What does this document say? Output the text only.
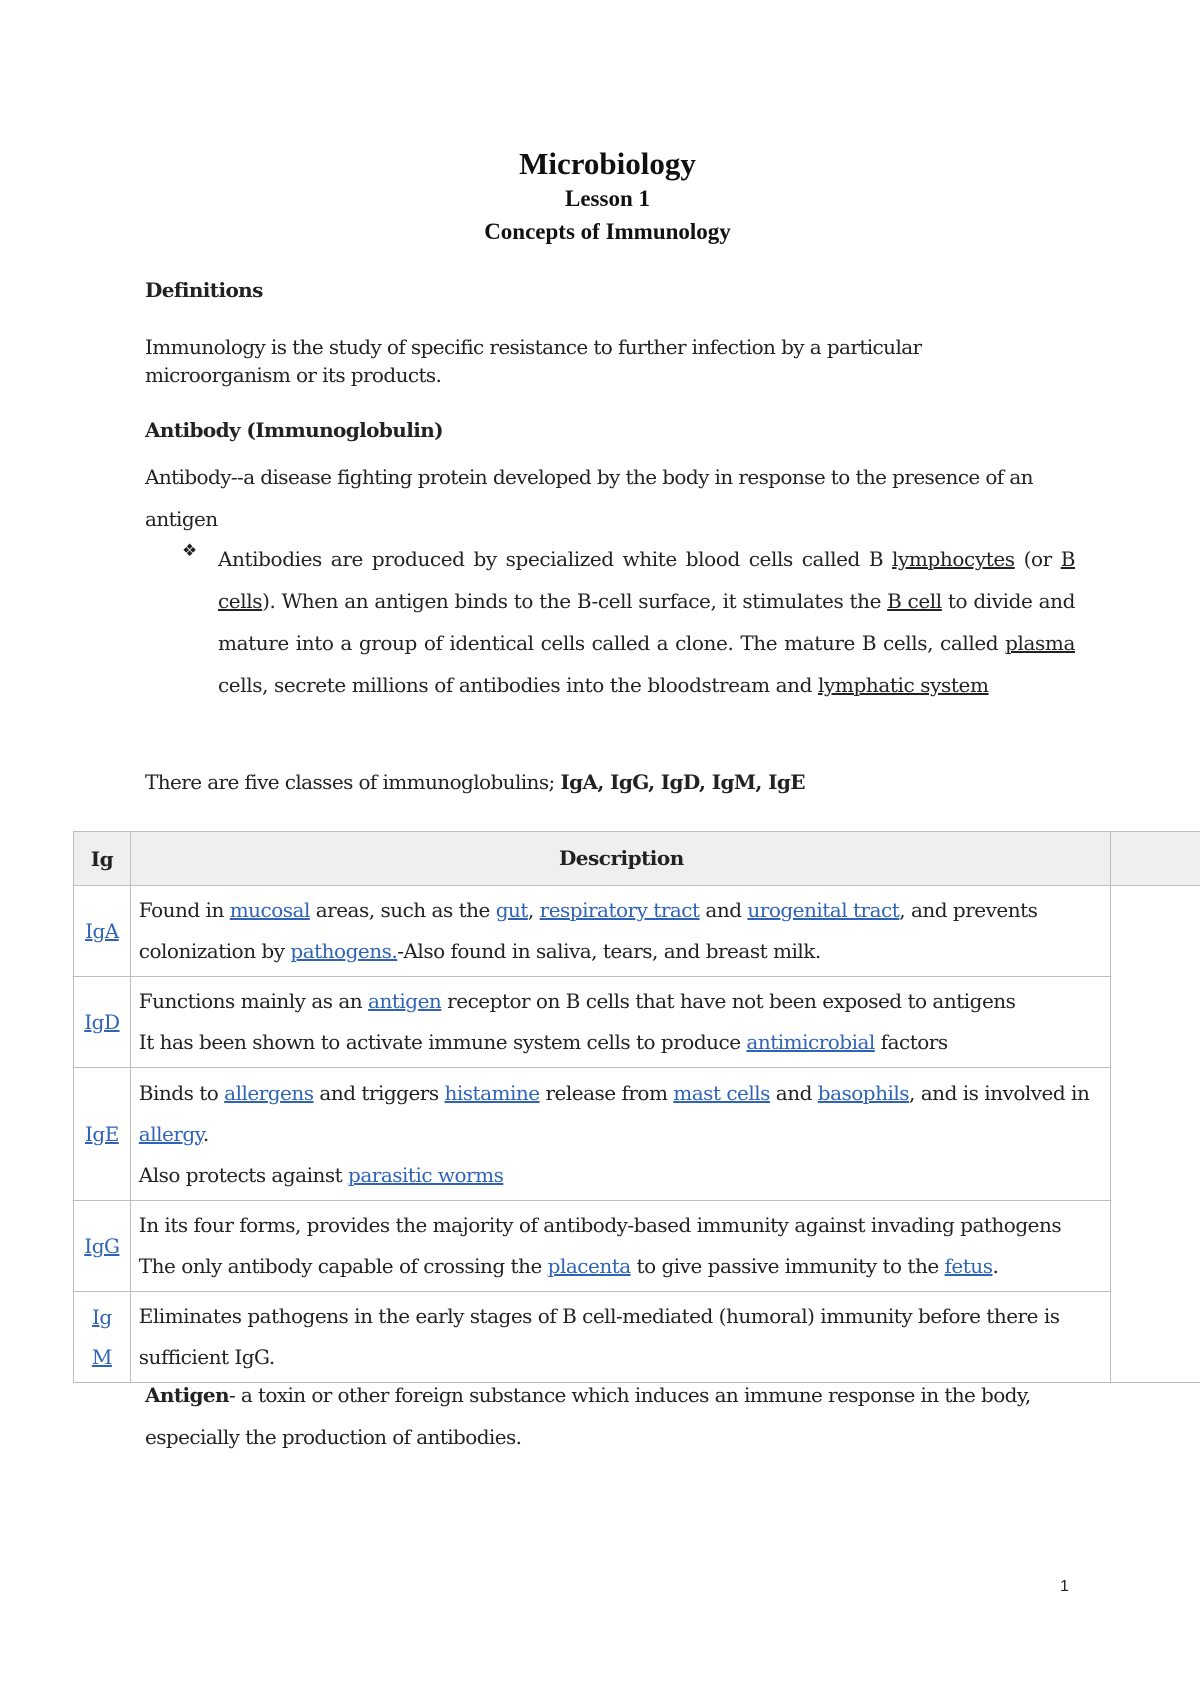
Microbiology
Lesson 1
Concepts of Immunology
Definitions
Immunology is the study of specific resistance to further infection by a particular microorganism or its products.
Antibody (Immunoglobulin)
Antibody--a disease fighting protein developed by the body in response to the presence of an antigen
❖ Antibodies are produced by specialized white blood cells called B lymphocytes (or B cells). When an antigen binds to the B-cell surface, it stimulates the B cell to divide and mature into a group of identical cells called a clone. The mature B cells, called plasma cells, secrete millions of antibodies into the bloodstream and lymphatic system
There are five classes of immunoglobulins; IgA, IgG, IgD, IgM, IgE
Ig	Description	
IgA	Found in mucosal areas, such as the gut, respiratory tract and urogenital tract, and prevents colonization by pathogens.-Also found in saliva, tears, and breast milk.	
IgD	Functions mainly as an antigen receptor on B cells that have not been exposed to antigens
It has been shown to activate immune system cells to produce antimicrobial factors	
IgE	Binds to allergens and triggers histamine release from mast cells and basophils, and is involved in allergy.
Also protects against parasitic worms	
IgG	In its four forms, provides the majority of antibody-based immunity against invading pathogens
The only antibody capable of crossing the placenta to give passive immunity to the fetus.	
IgM	Eliminates pathogens in the early stages of B cell-mediated (humoral) immunity before there is sufficient IgG.	
Antigen- a toxin or other foreign substance which induces an immune response in the body, especially the production of antibodies.
1
